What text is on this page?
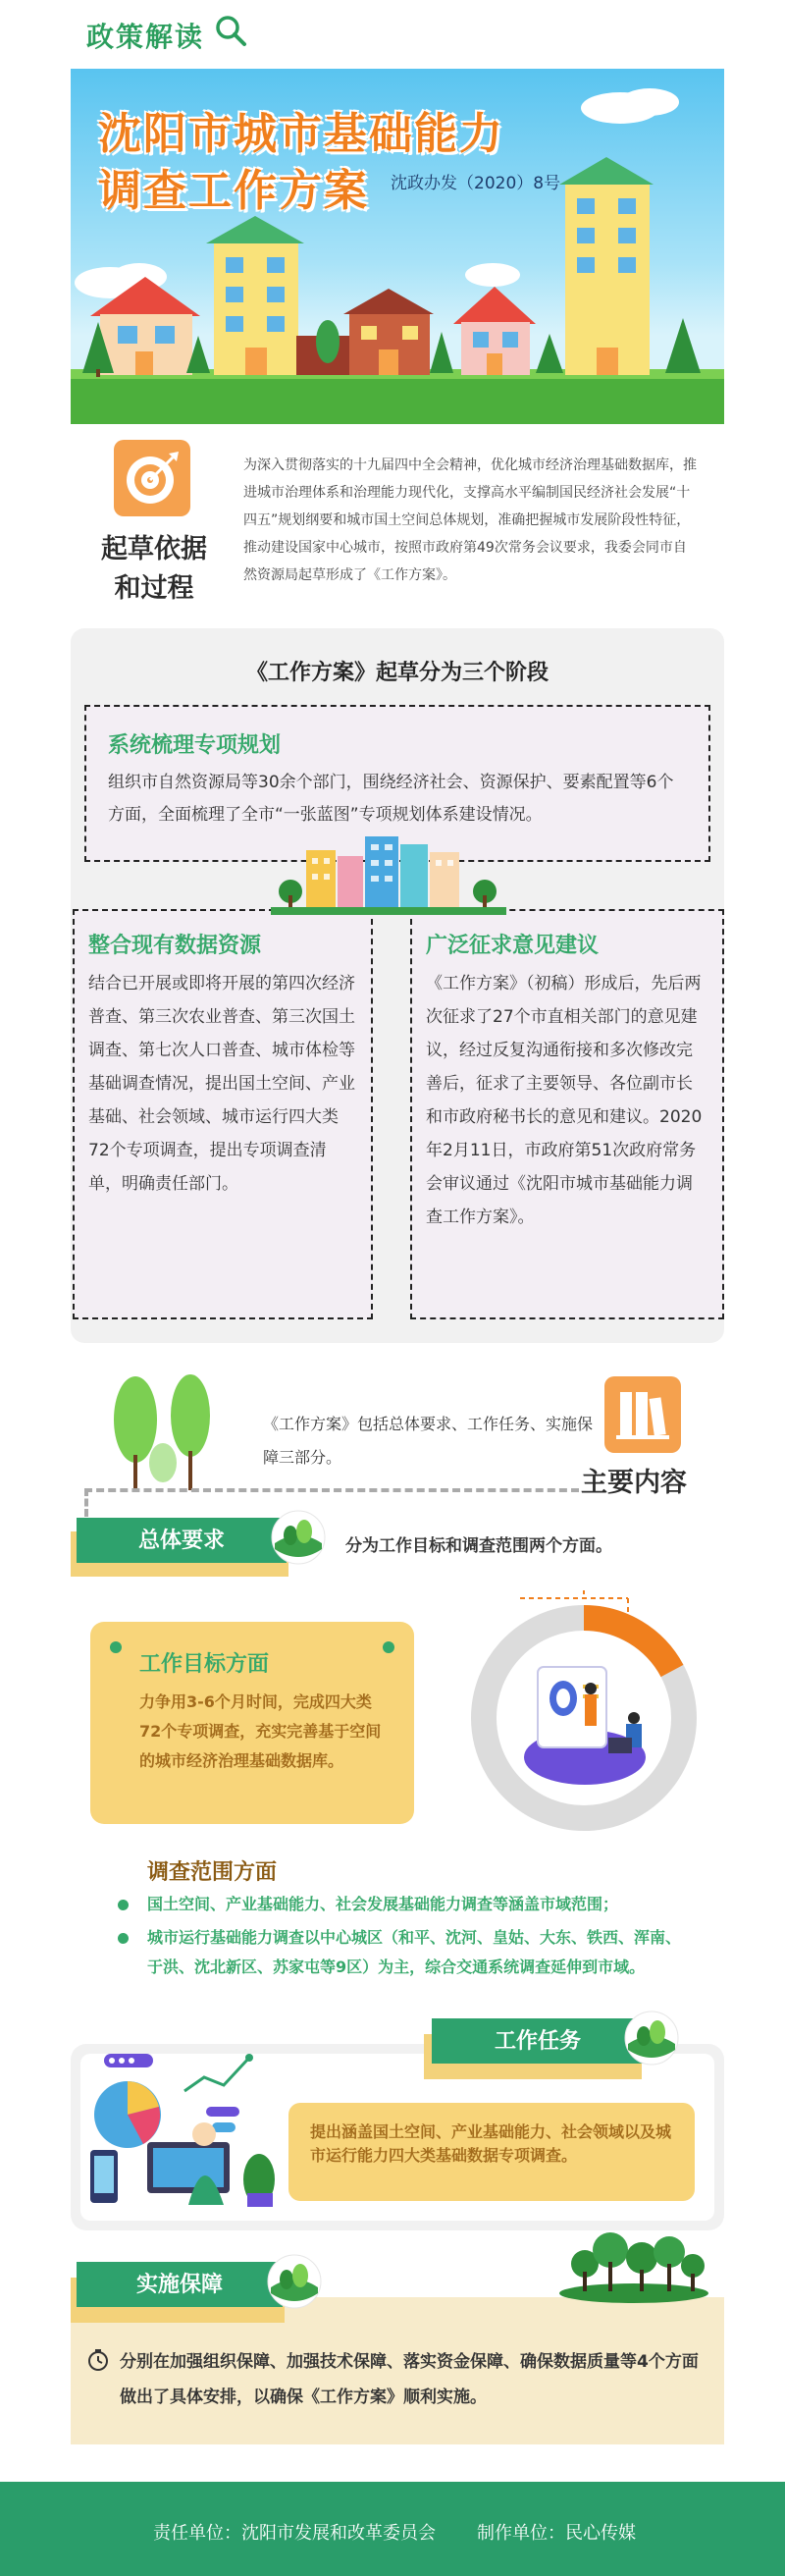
政策解读
沈阳市城市基础能力
调查工作方案 沈政办发（2020）8号
起草依据
和过程
为深入贯彻落实的十九届四中全会精神，优化城市经济治理基础数据库，推进城市治理体系和治理能力现代化，支撑高水平编制国民经济社会发展“十四五”规划纲要和城市国土空间总体规划，准确把握城市发展阶段性特征，推动建设国家中心城市，按照市政府第49次常务会议要求，我委会同市自然资源局起草形成了《工作方案》。
《工作方案》起草分为三个阶段
系统梳理专项规划
组织市自然资源局等30余个部门，围绕经济社会、资源保护、要素配置等6个方面，全面梳理了全市“一张蓝图”专项规划体系建设情况。
整合现有数据资源
结合已开展或即将开展的第四次经济普查、第三次农业普查、第三次国土调查、第七次人口普查、城市体检等基础调查情况，提出国土空间、产业基础、社会领域、城市运行四大类72个专项调查，提出专项调查清单，明确责任部门。
广泛征求意见建议
《工作方案》（初稿）形成后，先后两次征求了27个市直相关部门的意见建议，经过反复沟通衔接和多次修改完善后，征求了主要领导、各位副市长和市政府秘书长的意见和建议。2020年2月11日，市政府第51次政府常务会审议通过《沈阳市城市基础能力调查工作方案》。
《工作方案》包括总体要求、工作任务、实施保障三部分。
主要内容
总体要求	分为工作目标和调查范围两个方面。
工作目标方面
力争用3-6个月时间，完成四大类72个专项调查，充实完善基于空间的城市经济治理基础数据库。
调查范围方面
国土空间、产业基础能力、社会发展基础能力调查等涵盖市域范围；
城市运行基础能力调查以中心城区（和平、沈河、皇姑、大东、铁西、浑南、于洪、沈北新区、苏家屯等9区）为主，综合交通系统调查延伸到市域。
提出涵盖国土空间、产业基础能力、社会领域以及城市运行能力四大类基础数据专项调查。
工作任务
分别在加强组织保障、加强技术保障、落实资金保障、确保数据质量等4个方面做出了具体安排，以确保《工作方案》顺利实施。
实施保障
责任单位：沈阳市发展和改革委员会 制作单位：民心传媒
